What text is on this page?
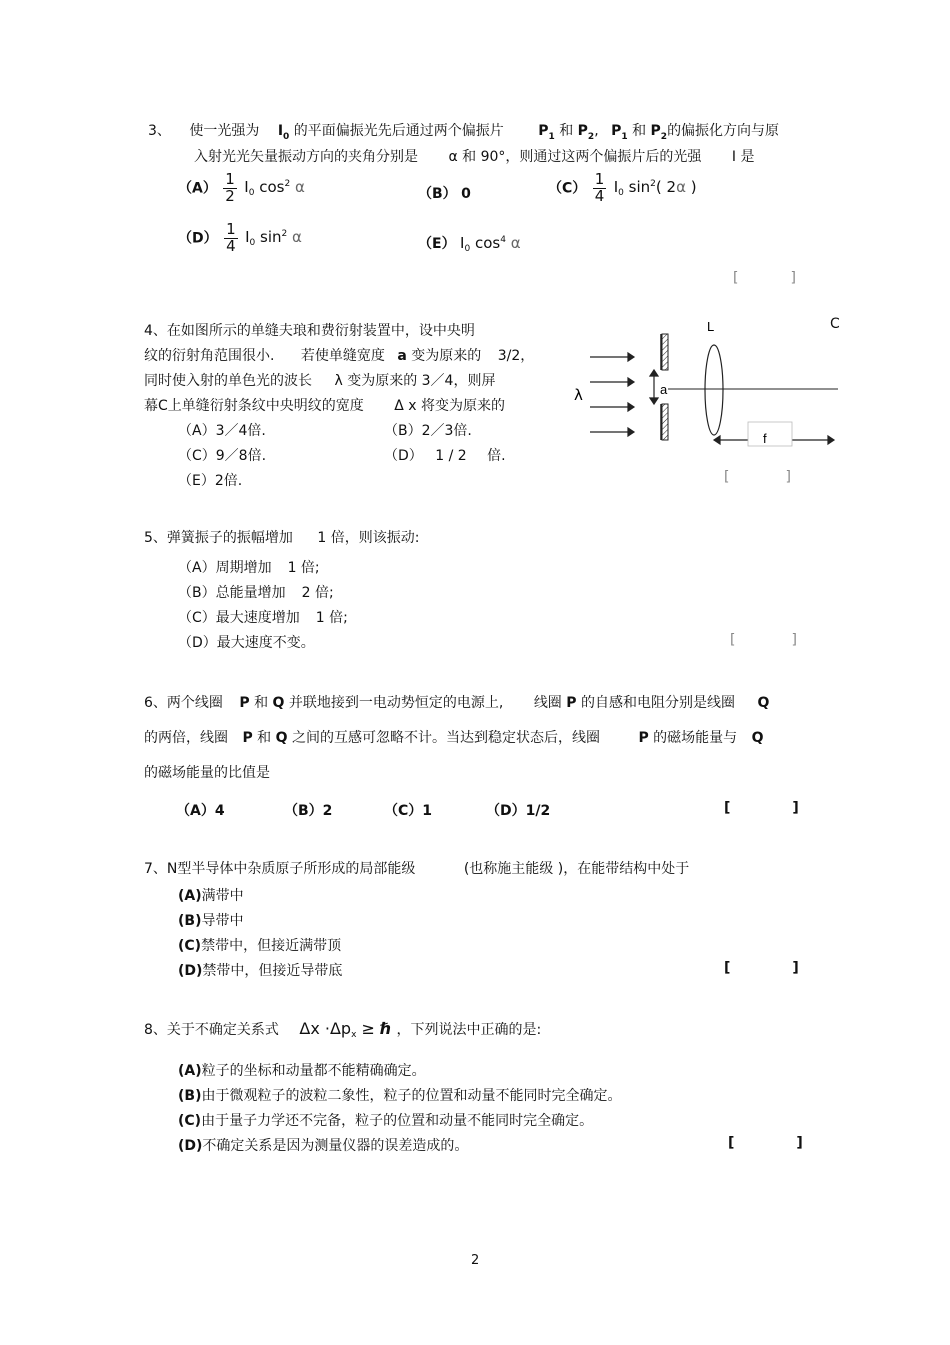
3、 使一光强为 $I_0$ 的平面偏振光先后通过两个偏振片 $P_1$ 和 $P_2$, $P_1$ 和 $P_2$的偏振化方向与原
入射光光矢量振动方向的夹角分别是 α 和 90°，则通过这两个偏振片后的光强 I 是
$(A) \frac{1}{2} I_0$ $\cos^2 \alpha$	（B） 0	$(C) \frac{1}{4} I_0$ $\sin^2$( 2α )
$(D) \frac{1}{4} I_0$ $\sin^2 \alpha$	（E） $I_0$ $\cos^4 \alpha$
[	]
4、在如图所示的单缝夫琅和费衍射装置中，设中央明
纹的衍射角范围很小. 若使单缝宽度 a 变为原来的 3/2，
同时使入射的单色光的波长 λ 变为原来的 3／4，则屏
幕C上单缝衍射条纹中央明纹的宽度 Δ x 将变为原来的
（A）3／4倍.	（B）2／3倍.
（C）9／8倍.	（D） 1 / 2 倍.
（E）2倍.
λ	a
L
f
C
[	]
5、弹簧振子的振幅增加 1 倍，则该振动:
（A）周期增加 1 倍;
（B）总能量增加 2 倍;
（C）最大速度增加 1 倍;
（D）最大速度不变。	[	]
6、两个线圈 P 和 Q 并联地接到一电动势恒定的电源上, 线圈 P 的自感和电阻分别是线圈 Q
的两倍，线圈 P 和 Q 之间的互感可忽略不计。当达到稳定状态后，线圈	P 的磁场能量与 Q
的磁场能量的比值是
（A）4	（B）2	（C）1	（D）1/2	[	]
7、N型半导体中杂质原子所形成的局部能级	(也称施主能级 )，在能带结构中处于
(A)满带中
(B)导带中
(C)禁带中，但接近满带顶
(D)禁带中，但接近导带底	[	]
8、关于不确定关系式 $\Delta x \cdot\Delta p_x$ ≥ ℏ ，下列说法中正确的是:
(A)粒子的坐标和动量都不能精确确定。
(B)由于微观粒子的波粒二象性，粒子的位置和动量不能同时完全确定。
(C)由于量子力学还不完备，粒子的位置和动量不能同时完全确定。
(D)不确定关系是因为测量仪器的误差造成的。	[	]
2
